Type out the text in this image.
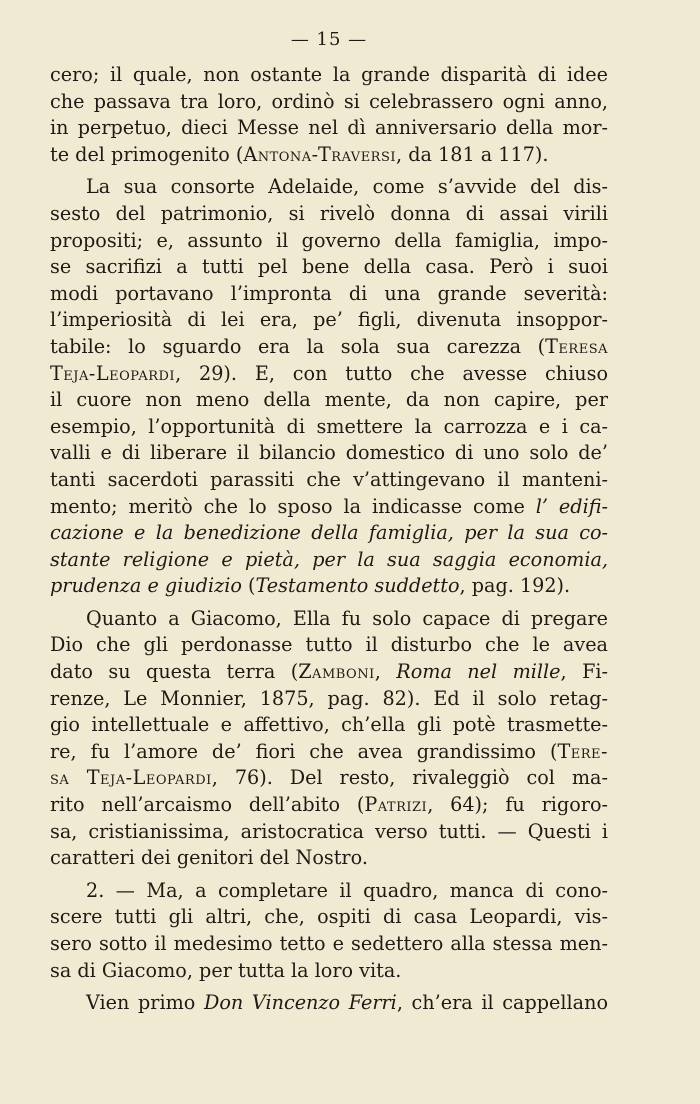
— 15 —
cero; il quale, non ostante la grande disparità di idee
che passava tra loro, ordinò si celebrassero ogni anno,
in perpetuo, dieci Messe nel dì anniversario della mor-
te del primogenito (Antona-Traversi, da 181 a 117).
La sua consorte Adelaide, come s’avvide del dis-
sesto del patrimonio, si rivelò donna di assai virili
propositi; e, assunto il governo della famiglia, impo-
se sacrifizi a tutti pel bene della casa. Però i suoi
modi portavano l’impronta di una grande severità:
l’imperiosità di lei era, pe’ figli, divenuta insoppor-
tabile: lo sguardo era la sola sua carezza (Teresa
Teja-Leopardi, 29). E, con tutto che avesse chiuso
il cuore non meno della mente, da non capire, per
esempio, l’opportunità di smettere la carrozza e i ca-
valli e di liberare il bilancio domestico di uno solo de’
tanti sacerdoti parassiti che v’attingevano il manteni-
mento; meritò che lo sposo la indicasse come l’ edifi-
cazione e la benedizione della famiglia, per la sua co-
stante religione e pietà, per la sua saggia economia,
prudenza e giudizio (Testamento suddetto, pag. 192).
Quanto a Giacomo, Ella fu solo capace di pregare
Dio che gli perdonasse tutto il disturbo che le avea
dato su questa terra (Zamboni, Roma nel mille, Fi-
renze, Le Monnier, 1875, pag. 82). Ed il solo retag-
gio intellettuale e affettivo, ch’ella gli potè trasmette-
re, fu l’amore de’ fiori che avea grandissimo (Tere-
sa Teja-Leopardi, 76). Del resto, rivaleggiò col ma-
rito nell’arcaismo dell’abito (Patrizi, 64); fu rigoro-
sa, cristianissima, aristocratica verso tutti. — Questi i
caratteri dei genitori del Nostro.
2. — Ma, a completare il quadro, manca di cono-
scere tutti gli altri, che, ospiti di casa Leopardi, vis-
sero sotto il medesimo tetto e sedettero alla stessa men-
sa di Giacomo, per tutta la loro vita.
Vien primo Don Vincenzo Ferri, ch’era il cappellano
